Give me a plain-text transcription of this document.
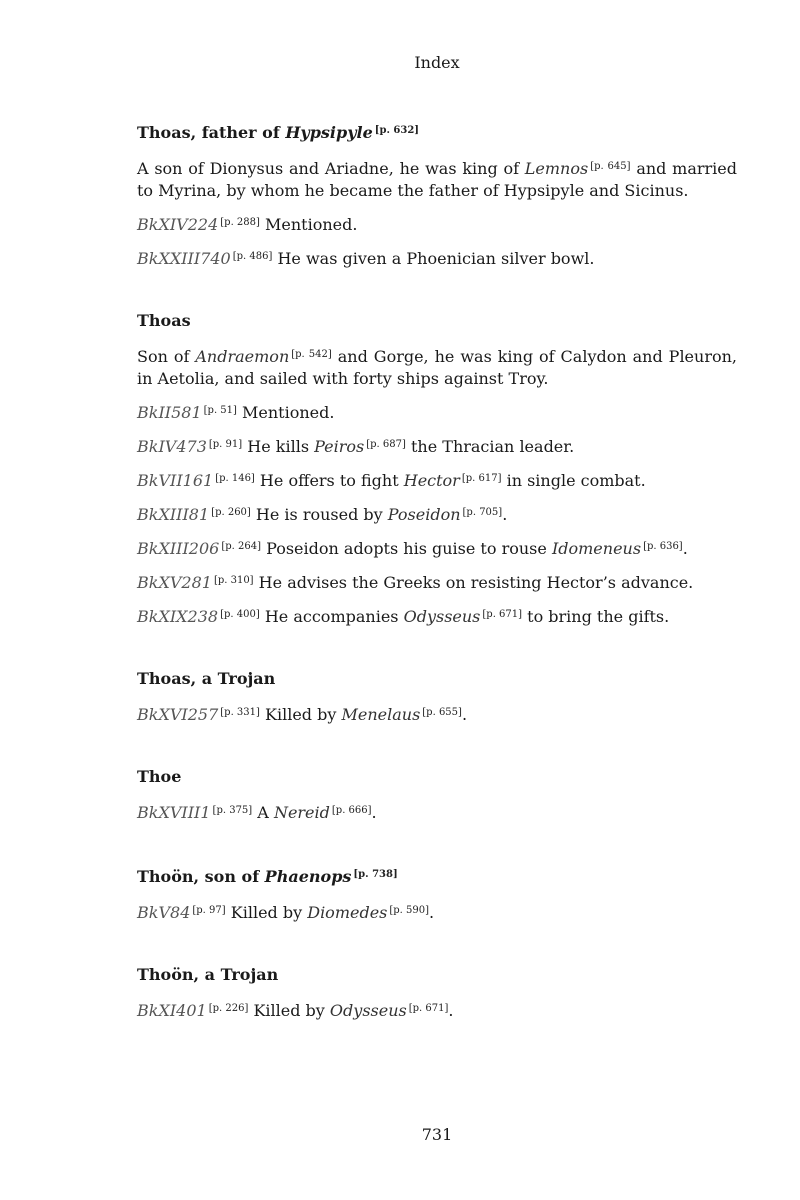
Index
Thoas, father of Hypsipyle [p. 632]
A son of Dionysus and Ariadne, he was king of Lemnos [p. 645] and married to Myrina, by whom he became the father of Hypsipyle and Sicinus.
BkXIV224 [p. 288] Mentioned.
BkXXIII740 [p. 486] He was given a Phoenician silver bowl.
Thoas
Son of Andraemon [p. 542] and Gorge, he was king of Calydon and Pleuron, in Aetolia, and sailed with forty ships against Troy.
BkII581 [p. 51] Mentioned.
BkIV473 [p. 91] He kills Peiros [p. 687] the Thracian leader.
BkVII161 [p. 146] He offers to fight Hector [p. 617] in single combat.
BkXIII81 [p. 260] He is roused by Poseidon [p. 705].
BkXIII206 [p. 264] Poseidon adopts his guise to rouse Idomeneus [p. 636].
BkXV281 [p. 310] He advises the Greeks on resisting Hector’s advance.
BkXIX238 [p. 400] He accompanies Odysseus [p. 671] to bring the gifts.
Thoas, a Trojan
BkXVI257 [p. 331] Killed by Menelaus [p. 655].
Thoe
BkXVIII1 [p. 375] A Nereid [p. 666].
Thoön, son of Phaenops [p. 738]
BkV84 [p. 97] Killed by Diomedes [p. 590].
Thoön, a Trojan
BkXI401 [p. 226] Killed by Odysseus [p. 671].
731
